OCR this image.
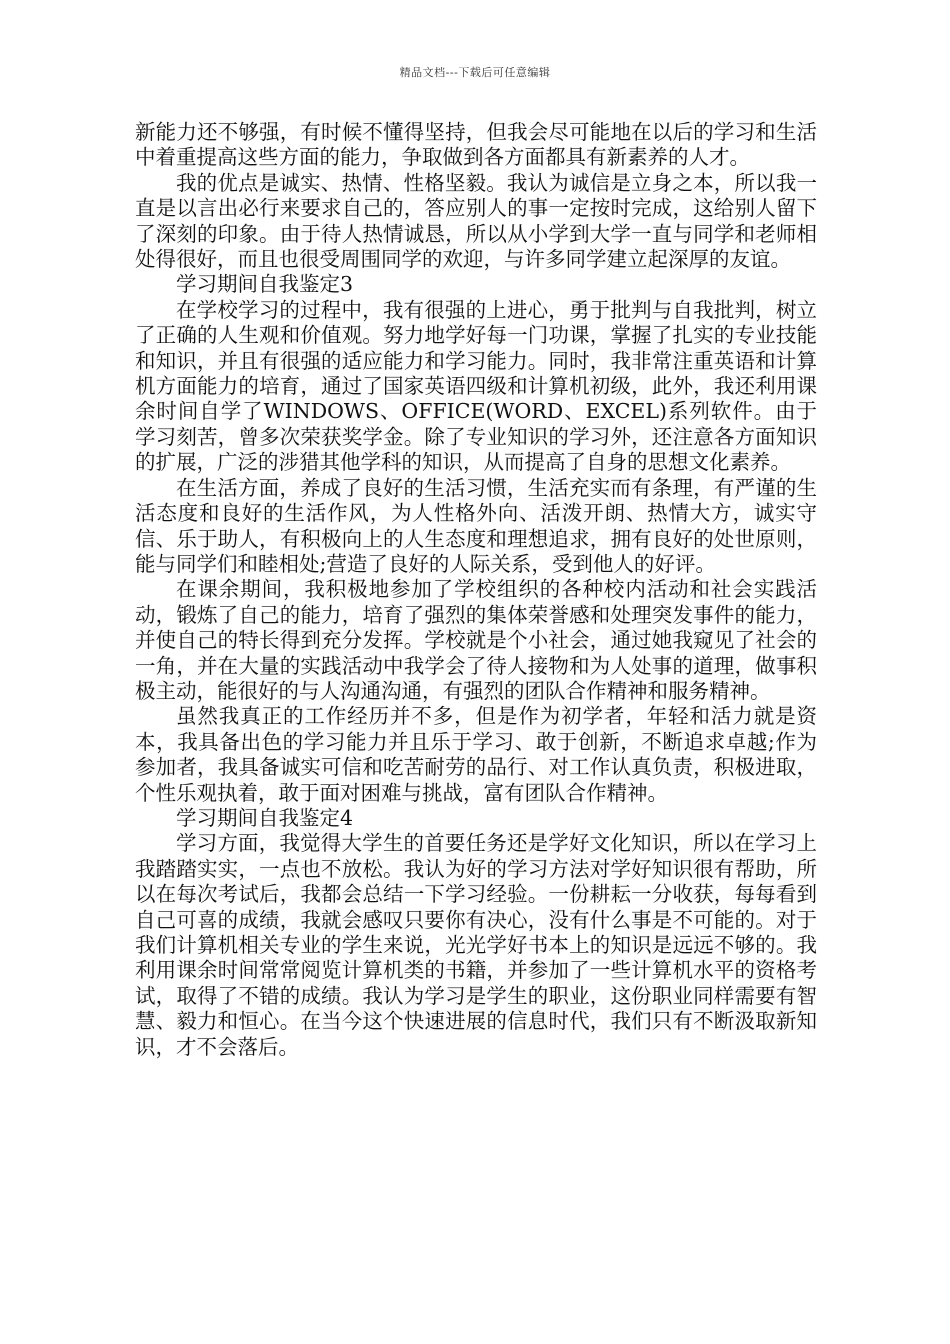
精品文档---下载后可任意编辑

新能力还不够强，有时候不懂得坚持，但我会尽可能地在以后的学习和生活中着重提高这些方面的能力，争取做到各方面都具有新素养的人才。

我的优点是诚实、热情、性格坚毅。我认为诚信是立身之本，所以我一直是以言出必行来要求自己的，答应别人的事一定按时完成，这给别人留下了深刻的印象。由于待人热情诚恳，所以从小学到大学一直与同学和老师相处得很好，而且也很受周围同学的欢迎，与许多同学建立起深厚的友谊。

学习期间自我鉴定3

在学校学习的过程中，我有很强的上进心，勇于批判与自我批判，树立了正确的人生观和价值观。努力地学好每一门功课，掌握了扎实的专业技能和知识，并且有很强的适应能力和学习能力。同时，我非常注重英语和计算机方面能力的培育，通过了国家英语四级和计算机初级，此外，我还利用课余时间自学了WINDOWS、OFFICE(WORD、EXCEL)系列软件。由于学习刻苦，曾多次荣获奖学金。除了专业知识的学习外，还注意各方面知识的扩展，广泛的涉猎其他学科的知识，从而提高了自身的思想文化素养。

在生活方面，养成了良好的生活习惯，生活充实而有条理，有严谨的生活态度和良好的生活作风，为人性格外向、活泼开朗、热情大方，诚实守信、乐于助人，有积极向上的人生态度和理想追求，拥有良好的处世原则，能与同学们和睦相处;营造了良好的人际关系，受到他人的好评。

在课余期间，我积极地参加了学校组织的各种校内活动和社会实践活动，锻炼了自己的能力，培育了强烈的集体荣誉感和处理突发事件的能力，并使自己的特长得到充分发挥。学校就是个小社会，通过她我窥见了社会的一角，并在大量的实践活动中我学会了待人接物和为人处事的道理，做事积极主动，能很好的与人沟通沟通，有强烈的团队合作精神和服务精神。

虽然我真正的工作经历并不多，但是作为初学者，年轻和活力就是资本，我具备出色的学习能力并且乐于学习、敢于创新，不断追求卓越;作为参加者，我具备诚实可信和吃苦耐劳的品行、对工作认真负责，积极进取，个性乐观执着，敢于面对困难与挑战，富有团队合作精神。

学习期间自我鉴定4

学习方面，我觉得大学生的首要任务还是学好文化知识，所以在学习上我踏踏实实，一点也不放松。我认为好的学习方法对学好知识很有帮助，所以在每次考试后，我都会总结一下学习经验。一份耕耘一分收获，每每看到自己可喜的成绩，我就会感叹只要你有决心，没有什么事是不可能的。对于我们计算机相关专业的学生来说，光光学好书本上的知识是远远不够的。我利用课余时间常常阅览计算机类的书籍，并参加了一些计算机水平的资格考试，取得了不错的成绩。我认为学习是学生的职业，这份职业同样需要有智慧、毅力和恒心。在当今这个快速进展的信息时代，我们只有不断汲取新知识，才不会落后。
